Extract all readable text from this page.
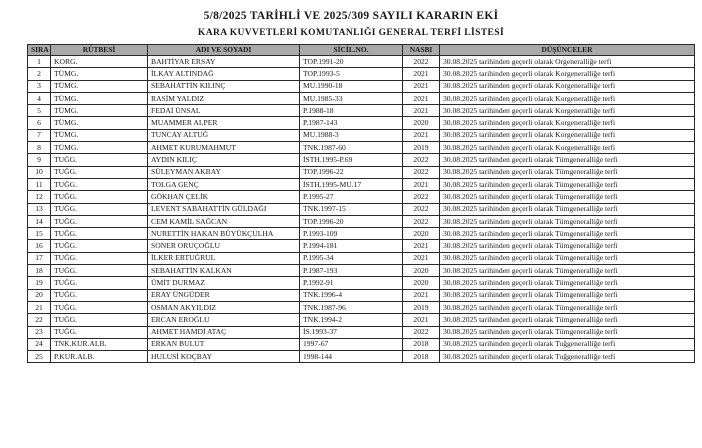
5/8/2025 TARİHLİ VE 2025/309 SAYILI KARARIN EKİ
KARA KUVVETLERİ KOMUTANLIĞI GENERAL TERFİ LİSTESİ
SIRA	RÜTBESİ	ADI VE SOYADI	SİCİL.NO.	NASBI	DÜŞÜNCELER
1	KORG.	BAHTİYAR ERSAY	TOP.1991-20	2022	30.08.2025 tarihinden geçerli olarak Orgeneralliğe terfi
2	TÜMG.	İLKAY ALTINDAĞ	TOP.1993-5	2021	30.08.2025 tarihinden geçerli olarak Korgeneralliğe terfi
3	TÜMG.	SEBAHATTİN KILINÇ	MU.1990-18	2021	30.08.2025 tarihinden geçerli olarak Korgeneralliğe terfi
4	TÜMG.	RASİM YALDIZ	MU.1985-33	2021	30.08.2025 tarihinden geçerli olarak Korgeneralliğe terfi
5	TÜMG.	FEDAİ ÜNSAL	P.1988-18	2021	30.08.2025 tarihinden geçerli olarak Korgeneralliğe terfi
6	TÜMG.	MUAMMER ALPER	P.1987-143	2020	30.08.2025 tarihinden geçerli olarak Korgeneralliğe terfi
7	TÜMG.	TUNCAY ALTUĞ	MU.1988-3	2021	30.08.2025 tarihinden geçerli olarak Korgeneralliğe terfi
8	TÜMG.	AHMET KURUMAHMUT	TNK.1987-60	2019	30.08.2025 tarihinden geçerli olarak Korgeneralliğe terfi
9	TUĞG.	AYDIN KILIÇ	İSTH.1995-P.69	2022	30.08.2025 tarihinden geçerli olarak Tümgeneralliğe terfi
10	TUĞG.	SÜLEYMAN AKBAY	TOP.1996-22	2022	30.08.2025 tarihinden geçerli olarak Tümgeneralliğe terfi
11	TUĞG.	TOLGA GENÇ	İSTH.1995-MU.17	2021	30.08.2025 tarihinden geçerli olarak Tümgeneralliğe terfi
12	TUĞG.	GÖKHAN ÇELİK	P.1995-27	2022	30.08.2025 tarihinden geçerli olarak Tümgeneralliğe terfi
13	TUĞG.	LEVENT SABAHATTİN GÜLDAĞI	TNK.1997-15	2022	30.08.2025 tarihinden geçerli olarak Tümgeneralliğe terfi
14	TUĞG.	CEM KAMİL SAĞCAN	TOP.1996-20	2022	30.08.2025 tarihinden geçerli olarak Tümgeneralliğe terfi
15	TUĞG.	NURETTİN HAKAN BÜYÜKÇULHA	P.1993-109	2020	30.08.2025 tarihinden geçerli olarak Tümgeneralliğe terfi
16	TUĞG.	SONER ORUÇOĞLU	P.1994-181	2021	30.08.2025 tarihinden geçerli olarak Tümgeneralliğe terfi
17	TUĞG.	İLKER ERTUĞRUL	P.1995-34	2021	30.08.2025 tarihinden geçerli olarak Tümgeneralliğe terfi
18	TUĞG.	SEBAHATTİN KALKAN	P.1987-193	2020	30.08.2025 tarihinden geçerli olarak Tümgeneralliğe terfi
19	TUĞG.	ÜMİT DURMAZ	P.1992-91	2020	30.08.2025 tarihinden geçerli olarak Tümgeneralliğe terfi
20	TUĞG.	ERAY ÜNGÜDER	TNK.1996-4	2021	30.08.2025 tarihinden geçerli olarak Tümgeneralliğe terfi
21	TUĞG.	OSMAN AKYILDIZ	TNK.1987-96	2019	30.08.2025 tarihinden geçerli olarak Tümgeneralliğe terfi
22	TUĞG.	ERCAN EROĞLU	TNK.1994-2	2021	30.08.2025 tarihinden geçerli olarak Tümgeneralliğe terfi
23	TUĞG.	AHMET HAMDİ ATAÇ	İS.1993-37	2022	30.08.2025 tarihinden geçerli olarak Tümgeneralliğe terfi
24	TNK.KUR.ALB.	ERKAN BULUT	1997-67	2018	30.08.2025 tarihinden geçerli olarak Tuğgeneralliğe terfi
25	P.KUR.ALB.	HULUSİ KOÇBAY	1998-144	2018	30.08.2025 tarihinden geçerli olarak Tuğgeneralliğe terfi
